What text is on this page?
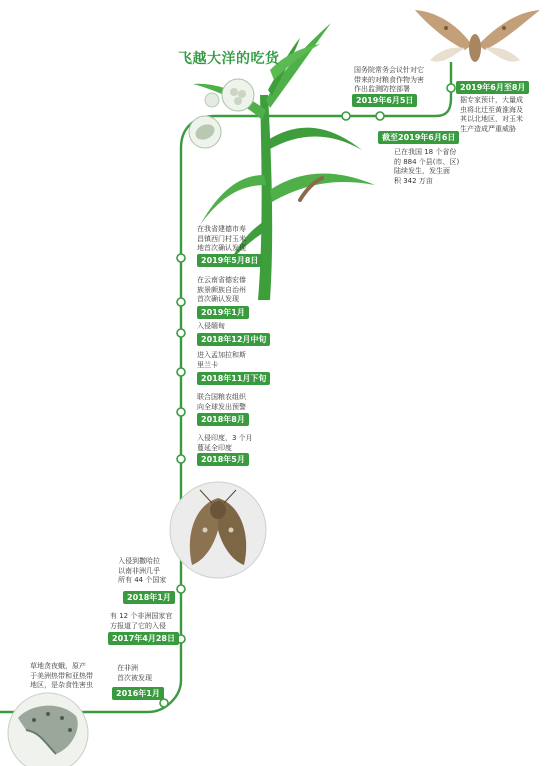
飞越大洋的吃货
草地贪夜蛾，原产
于美洲热带和亚热带
地区，是杂食性害虫
在非洲
首次被发现
2016年1月
有 12 个非洲国家官
方报道了它的入侵
2017年4月28日
入侵到撒哈拉
以南非洲几乎
所有 44 个国家
2018年1月
入侵印度，3 个月
蔓延全印度
2018年5月
联合国粮农组织
向全球发出预警
2018年8月
进入孟加拉和斯
里兰卡
2018年11月下旬
入侵缅甸
2018年12月中旬
在云南省德宏傣
族景颇族自治州
首次确认发现
2019年1月
在我省建德市寿
昌镇西门村玉米
地首次确认发现
2019年5月8日
国务院常务会议针对它
带来的对粮食作物为害
作出监测防控部署
2019年6月5日
截至2019年6月6日
已在我国 18 个省份
的 884 个县(市、区)
陆续发生，发生面
积 342 万亩
2019年6月至8月
据专家预计，大量成
虫将北迁至黄淮海及
其以北地区，对玉米
生产造成严重威胁
